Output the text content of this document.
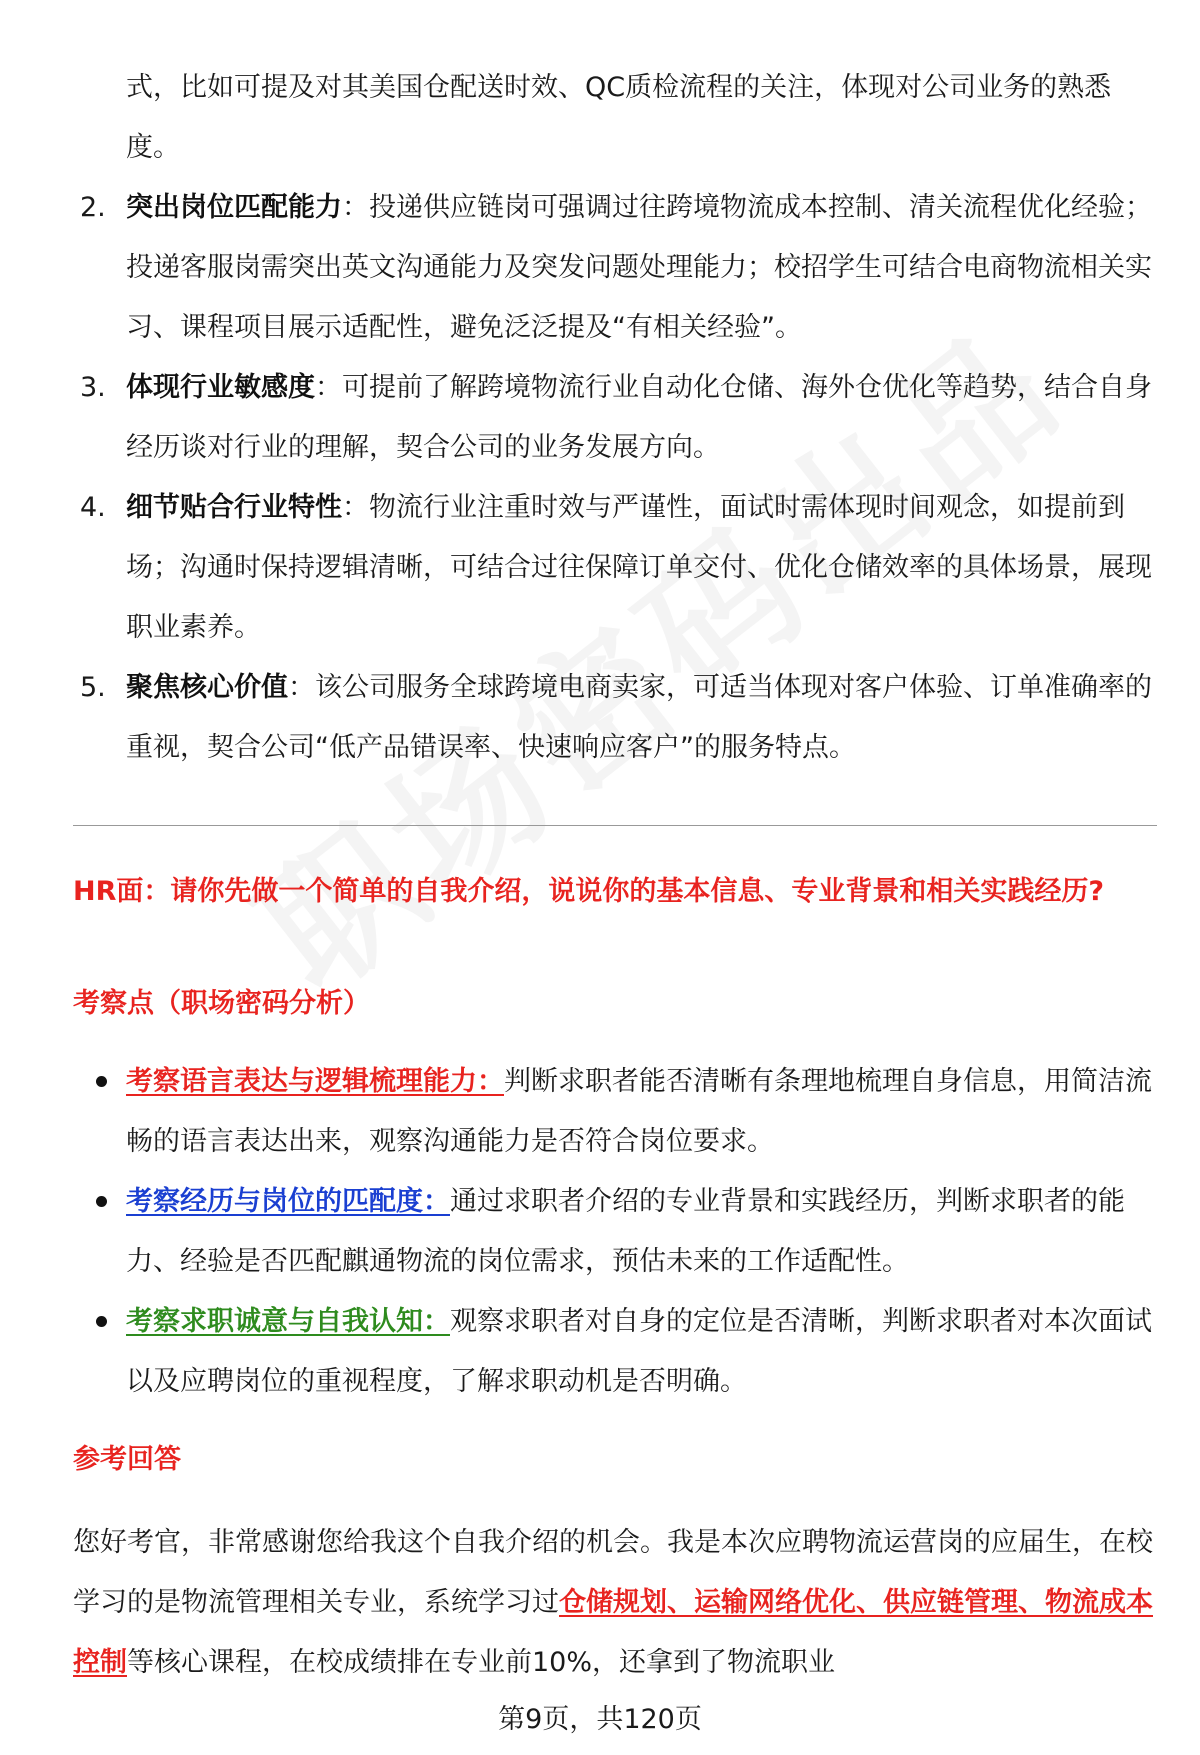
式，比如可提及对其美国仓配送时效、QC质检流程的关注，体现对公司业务的熟悉度。
2. 突出岗位匹配能力：投递供应链岗可强调过往跨境物流成本控制、清关流程优化经验；投递客服岗需突出英文沟通能力及突发问题处理能力；校招学生可结合电商物流相关实习、课程项目展示适配性，避免泛泛提及“有相关经验”。
3. 体现行业敏感度：可提前了解跨境物流行业自动化仓储、海外仓优化等趋势，结合自身经历谈对行业的理解，契合公司的业务发展方向。
4. 细节贴合行业特性：物流行业注重时效与严谨性，面试时需体现时间观念，如提前到场；沟通时保持逻辑清晰，可结合过往保障订单交付、优化仓储效率的具体场景，展现职业素养。
5. 聚焦核心价值：该公司服务全球跨境电商卖家，可适当体现对客户体验、订单准确率的重视，契合公司“低产品错误率、快速响应客户”的服务特点。
HR面：请你先做一个简单的自我介绍，说说你的基本信息、专业背景和相关实践经历?
考察点（职场密码分析）
考察语言表达与逻辑梳理能力：判断求职者能否清晰有条理地梳理自身信息，用简洁流畅的语言表达出来，观察沟通能力是否符合岗位要求。
考察经历与岗位的匹配度：通过求职者介绍的专业背景和实践经历，判断求职者的能力、经验是否匹配麒通物流的岗位需求，预估未来的工作适配性。
考察求职诚意与自我认知：观察求职者对自身的定位是否清晰，判断求职者对本次面试以及应聘岗位的重视程度，了解求职动机是否明确。
参考回答
您好考官，非常感谢您给我这个自我介绍的机会。我是本次应聘物流运营岗的应届生，在校学习的是物流管理相关专业，系统学习过仓储规划、运输网络优化、供应链管理、物流成本控制等核心课程，在校成绩排在专业前10%，还拿到了物流职业
第9页，共120页
